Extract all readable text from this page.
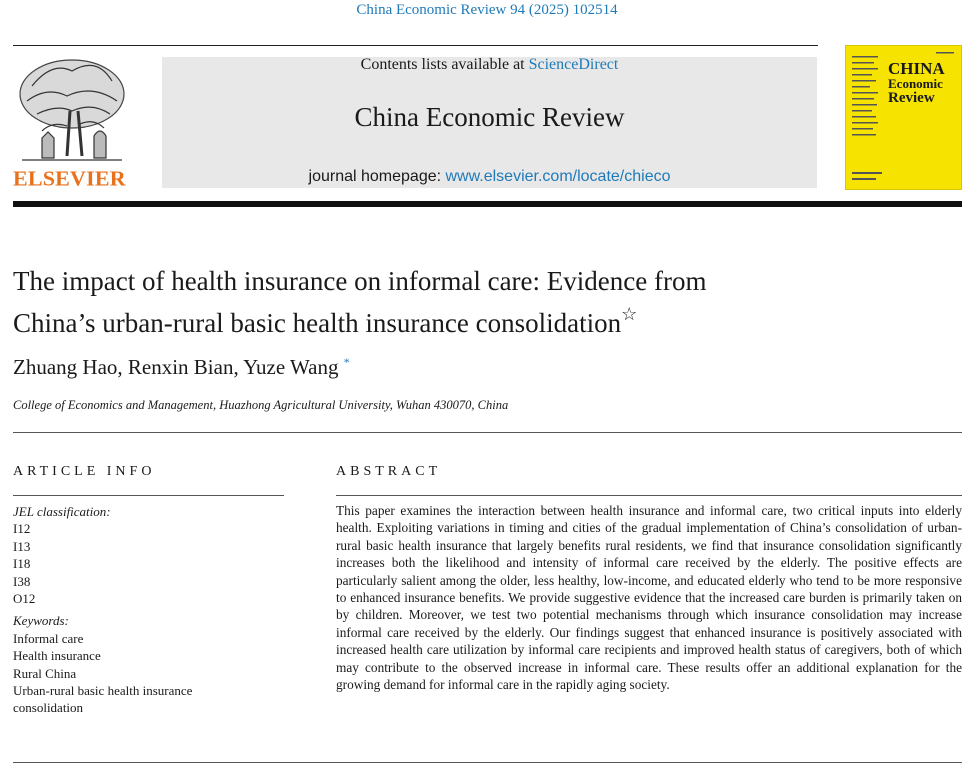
China Economic Review 94 (2025) 102514
ELSEVIER
Contents lists available at ScienceDirect
China Economic Review
journal homepage: www.elsevier.com/locate/chieco
CHINA
Economic
Review
The impact of health insurance on informal care: Evidence from
China’s urban-rural basic health insurance consolidation☆
Zhuang Hao, Renxin Bian, Yuze Wang *
College of Economics and Management, Huazhong Agricultural University, Wuhan 430070, China
ARTICLE INFO	ABSTRACT
JEL classification:
I12
I13
I18
I38
O12
Keywords:
Informal care
Health insurance
Rural China
Urban-rural basic health insurance
consolidation
This paper examines the interaction between health insurance and informal care, two critical inputs into elderly health. Exploiting variations in timing and cities of the gradual implementation of China’s consolidation of urban-rural basic health insurance that largely benefits rural residents, we find that insurance consolidation significantly increases both the likelihood and intensity of informal care received by the elderly. The positive effects are particularly salient among the older, less healthy, low-income, and educated elderly who tend to be more responsive to enhanced insurance benefits. We provide suggestive evidence that the increased care burden is primarily taken on by children. Moreover, we test two potential mechanisms through which insurance consolidation may increase informal care received by the elderly. Our findings suggest that enhanced insurance is positively associated with increased health care utilization by informal care recipients and improved health status of caregivers, both of which may contribute to the observed increase in informal care. These results offer an additional explanation for the growing demand for informal care in the rapidly aging society.
